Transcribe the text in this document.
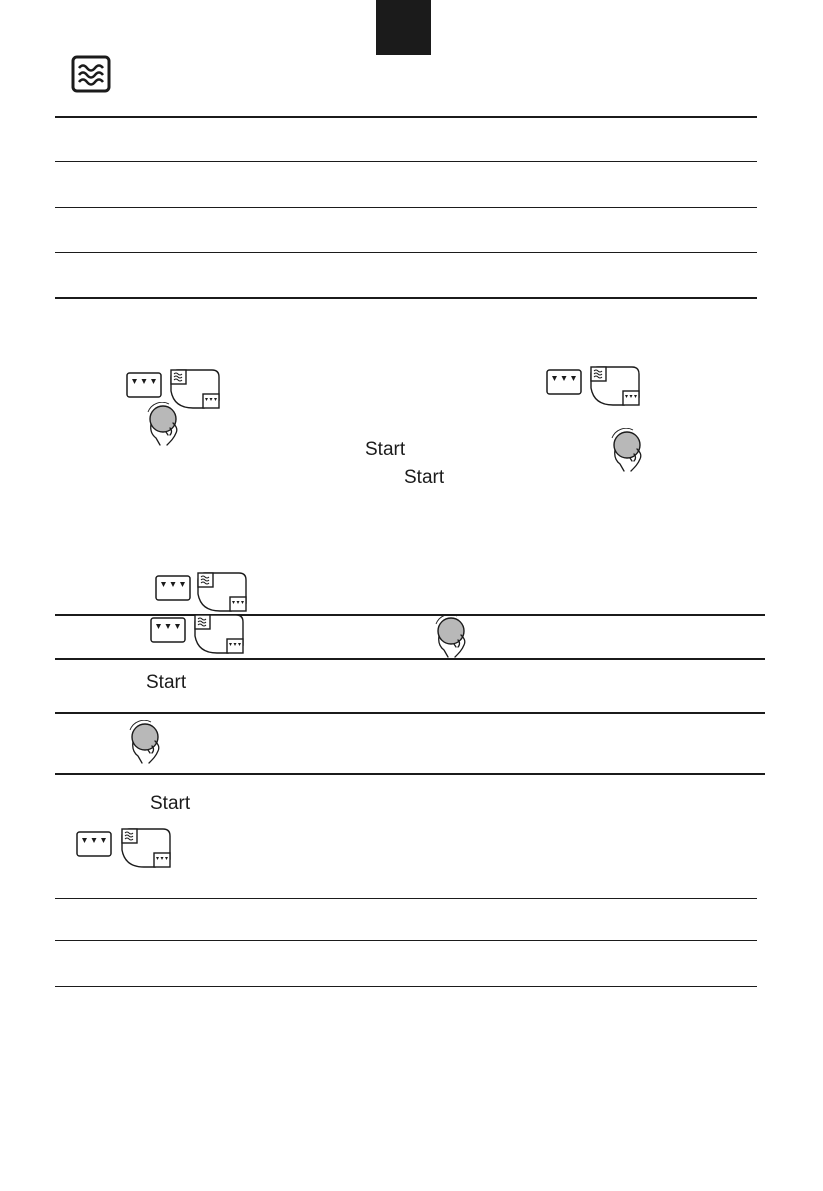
Start
Start
Start
Start
